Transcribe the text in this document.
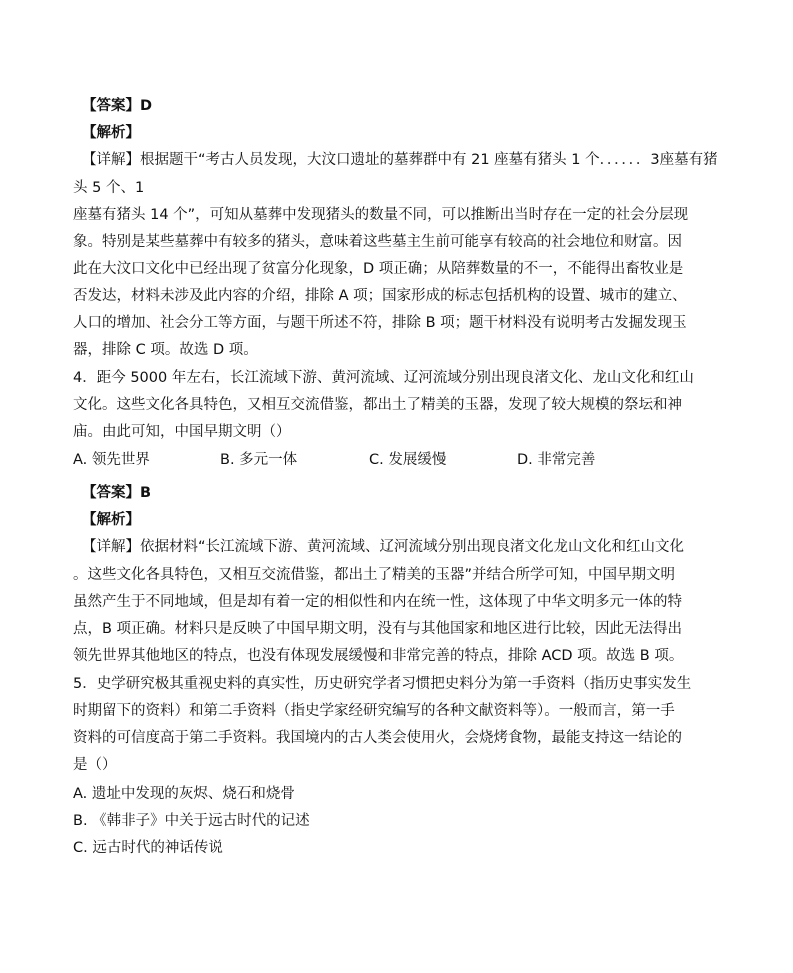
【答案】D
【解析】
【详解】根据题干“考古人员发现，大汶口遗址的墓葬群中有 21 座墓有猪头 1 个．．．．．．3座墓有猪
头 5 个、1
座墓有猪头 14 个”，可知从墓葬中发现猪头的数量不同，可以推断出当时存在一定的社会分层现
象。特别是某些墓葬中有较多的猪头，意味着这些墓主生前可能享有较高的社会地位和财富。因
此在大汶口文化中已经出现了贫富分化现象，D 项正确；从陪葬数量的不一，不能得出畜牧业是
否发达，材料未涉及此内容的介绍，排除 A 项；国家形成的标志包括机构的设置、城市的建立、
人口的增加、社会分工等方面，与题干所述不符，排除 B 项；题干材料没有说明考古发掘发现玉
器，排除 C 项。故选 D 项。
4．距今 5000 年左右，长江流域下游、黄河流域、辽河流域分别出现良渚文化、龙山文化和红山
文化。这些文化各具特色，又相互交流借鉴，都出土了精美的玉器，发现了较大规模的祭坛和神
庙。由此可知，中国早期文明（）
A. 领先世界	B. 多元一体	C. 发展缓慢	D. 非常完善
【答案】B
【解析】
【详解】依据材料“长江流域下游、黄河流域、辽河流域分别出现良渚文化龙山文化和红山文化
。这些文化各具特色，又相互交流借鉴，都出土了精美的玉器”并结合所学可知，中国早期文明
虽然产生于不同地域，但是却有着一定的相似性和内在统一性，这体现了中华文明多元一体的特
点，B 项正确。材料只是反映了中国早期文明，没有与其他国家和地区进行比较，因此无法得出
领先世界其他地区的特点，也没有体现发展缓慢和非常完善的特点，排除 ACD 项。故选 B 项。
5．史学研究极其重视史料的真实性，历史研究学者习惯把史料分为第一手资料（指历史事实发生
时期留下的资料）和第二手资料（指史学家经研究编写的各种文献资料等）。一般而言，第一手
资料的可信度高于第二手资料。我国境内的古人类会使用火，会烧烤食物，最能支持这一结论的
是（）
A. 遗址中发现的灰烬、烧石和烧骨
B. 《韩非子》中关于远古时代的记述
C. 远古时代的神话传说
